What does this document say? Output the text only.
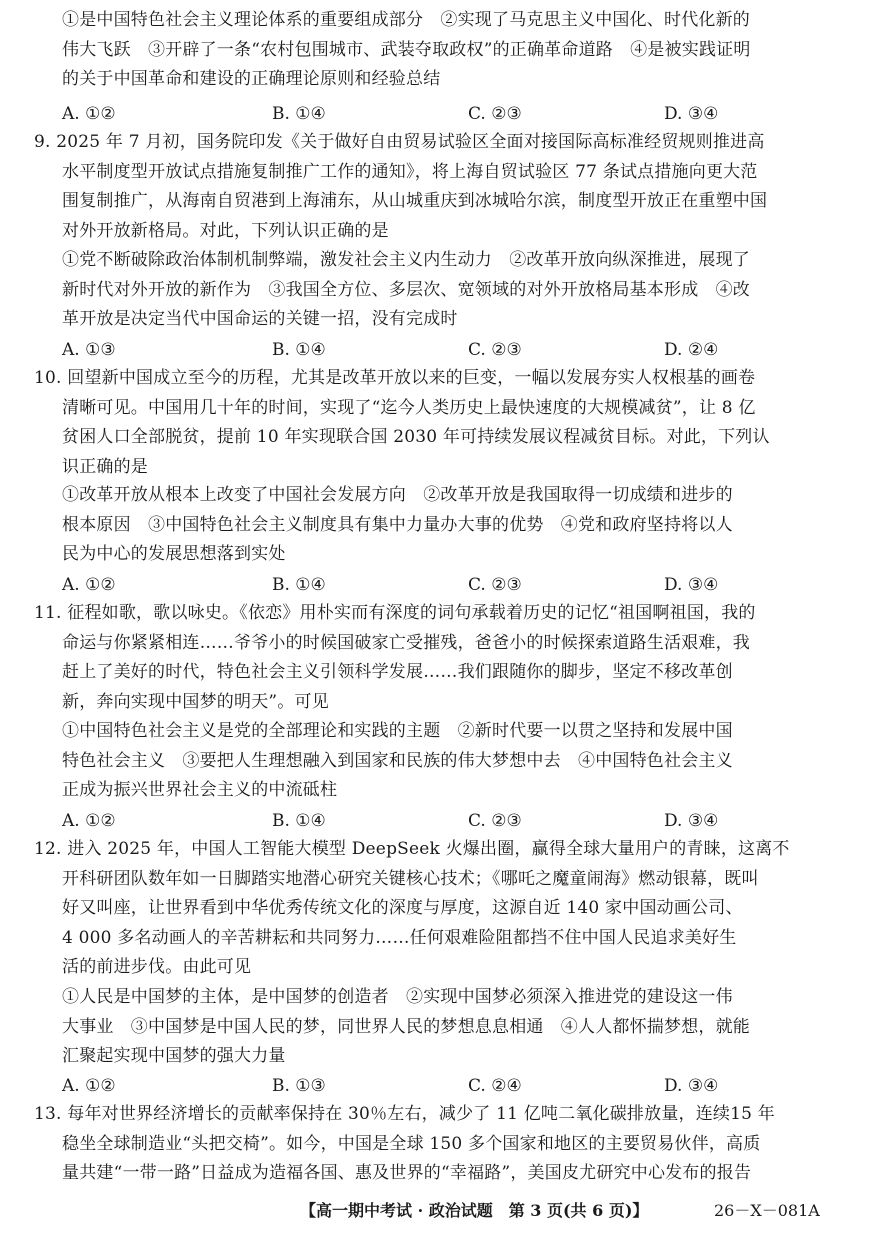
①是中国特色社会主义理论体系的重要组成部分　②实现了马克思主义中国化、时代化新的
伟大飞跃　③开辟了一条“农村包围城市、武装夺取政权”的正确革命道路　④是被实践证明
的关于中国革命和建设的正确理论原则和经验总结
A. ①②	B. ①④	C. ②③	D. ③④
9. 2025 年 7 月初，国务院印发《关于做好自由贸易试验区全面对接国际高标准经贸规则推进高
水平制度型开放试点措施复制推广工作的通知》，将上海自贸试验区 77 条试点措施向更大范
围复制推广，从海南自贸港到上海浦东，从山城重庆到冰城哈尔滨，制度型开放正在重塑中国
对外开放新格局。对此，下列认识正确的是
①党不断破除政治体制机制弊端，激发社会主义内生动力　②改革开放向纵深推进，展现了
新时代对外开放的新作为　③我国全方位、多层次、宽领域的对外开放格局基本形成　④改
革开放是决定当代中国命运的关键一招，没有完成时
A. ①③	B. ①④	C. ②③	D. ②④
10. 回望新中国成立至今的历程，尤其是改革开放以来的巨变，一幅以发展夯实人权根基的画卷
清晰可见。中国用几十年的时间，实现了“迄今人类历史上最快速度的大规模减贫”，让 8 亿
贫困人口全部脱贫，提前 10 年实现联合国 2030 年可持续发展议程减贫目标。对此，下列认
识正确的是
①改革开放从根本上改变了中国社会发展方向　②改革开放是我国取得一切成绩和进步的
根本原因　③中国特色社会主义制度具有集中力量办大事的优势　④党和政府坚持将以人
民为中心的发展思想落到实处
A. ①②	B. ①④	C. ②③	D. ③④
11. 征程如歌，歌以咏史。《依恋》用朴实而有深度的词句承载着历史的记忆“祖国啊祖国，我的
命运与你紧紧相连……爷爷小的时候国破家亡受摧残，爸爸小的时候探索道路生活艰难，我
赶上了美好的时代，特色社会主义引领科学发展……我们跟随你的脚步，坚定不移改革创
新，奔向实现中国梦的明天”。可见
①中国特色社会主义是党的全部理论和实践的主题　②新时代要一以贯之坚持和发展中国
特色社会主义　③要把人生理想融入到国家和民族的伟大梦想中去　④中国特色社会主义
正成为振兴世界社会主义的中流砥柱
A. ①②	B. ①④	C. ②③	D. ③④
12. 进入 2025 年，中国人工智能大模型 DeepSeek 火爆出圈，赢得全球大量用户的青睐，这离不
开科研团队数年如一日脚踏实地潜心研究关键核心技术；《哪吒之魔童闹海》燃动银幕，既叫
好又叫座，让世界看到中华优秀传统文化的深度与厚度，这源自近 140 家中国动画公司、
4 000 多名动画人的辛苦耕耘和共同努力……任何艰难险阻都挡不住中国人民追求美好生
活的前进步伐。由此可见
①人民是中国梦的主体，是中国梦的创造者　②实现中国梦必须深入推进党的建设这一伟
大事业　③中国梦是中国人民的梦，同世界人民的梦想息息相通　④人人都怀揣梦想，就能
汇聚起实现中国梦的强大力量
A. ①②	B. ①③	C. ②④	D. ③④
13. 每年对世界经济增长的贡献率保持在 30％左右，减少了 11 亿吨二氧化碳排放量，连续15 年
稳坐全球制造业“头把交椅”。如今，中国是全球 150 多个国家和地区的主要贸易伙伴，高质
量共建“一带一路”日益成为造福各国、惠及世界的“幸福路”，美国皮尤研究中心发布的报告
【高一期中考试 · 政治试题　第 3 页(共 6 页)】	26－X－081A
